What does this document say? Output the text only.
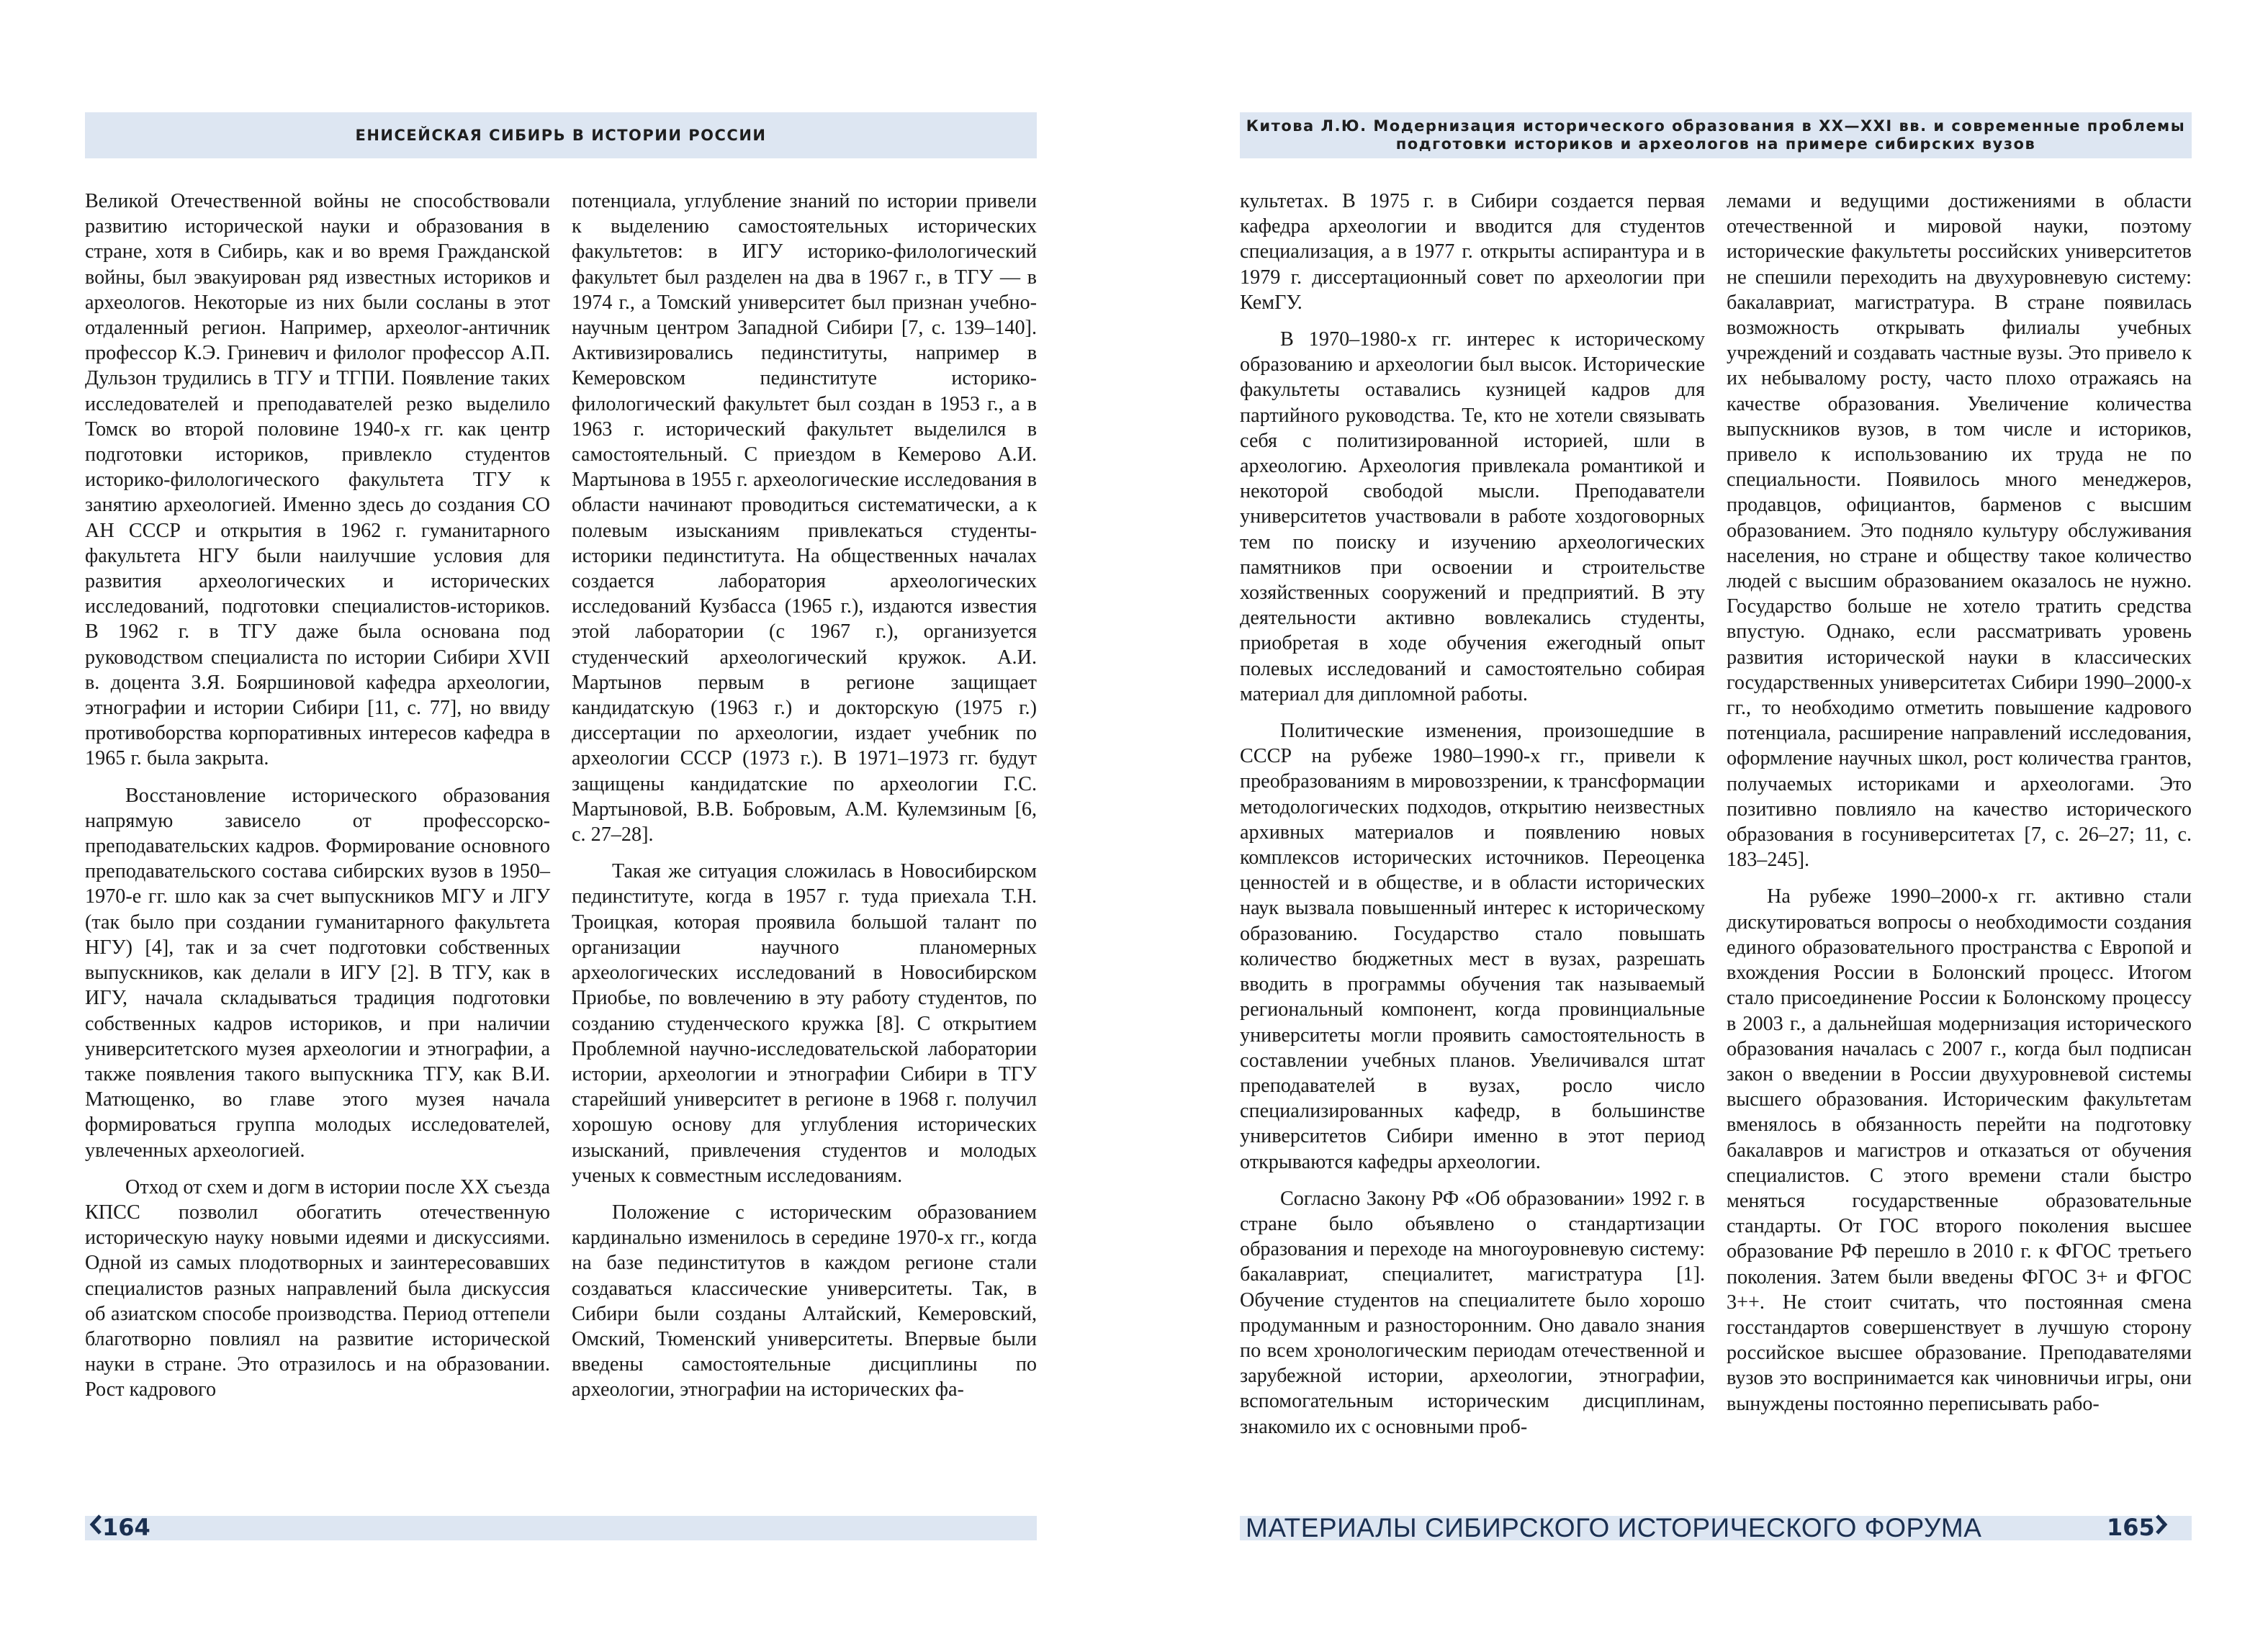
ЕНИСЕЙСКАЯ СИБИРЬ В ИСТОРИИ РОССИИ
Китова Л.Ю. Модернизация исторического образования в XX—XXI вв. и современные проблемы
подготовки историков и археологов на примере сибирских вузов

Великой Отечественной войны не способствовали развитию исторической науки и образования в стране, хотя в Сибирь, как и во время Гражданской войны, был эвакуирован ряд известных историков и археологов. Некоторые из них были сосланы в этот отдаленный регион. Например, археолог-античник профессор К.Э. Гриневич и филолог профессор А.П. Дульзон трудились в ТГУ и ТГПИ. Появление таких исследователей и преподавателей резко выделило Томск во второй половине 1940-х гг. как центр подготовки историков, привлекло студентов историко-филологического факультета ТГУ к занятию археологией. Именно здесь до создания СО АН СССР и открытия в 1962 г. гуманитарного факультета НГУ были наилучшие условия для развития археологических и исторических исследований, подготовки специалистов-историков. В 1962 г. в ТГУ даже была основана под руководством специалиста по истории Сибири XVII в. доцента З.Я. Бояршиновой кафедра археологии, этнографии и истории Сибири [11, с. 77], но ввиду противоборства корпоративных интересов кафедра в 1965 г. была закрыта.

Восстановление исторического образования напрямую зависело от профессорско-преподавательских кадров. Формирование основного преподавательского состава сибирских вузов в 1950–1970-е гг. шло как за счет выпускников МГУ и ЛГУ (так было при создании гуманитарного факультета НГУ) [4], так и за счет подготовки собственных выпускников, как делали в ИГУ [2]. В ТГУ, как в ИГУ, начала складываться традиция подготовки собственных кадров историков, и при наличии университетского музея археологии и этнографии, а также появления такого выпускника ТГУ, как В.И. Матющенко, во главе этого музея начала формироваться группа молодых исследователей, увлеченных археологией.

Отход от схем и догм в истории после XX съезда КПСС позволил обогатить отечественную историческую науку новыми идеями и дискуссиями. Одной из самых плодотворных и заинтересовавших специалистов разных направлений была дискуссия об азиатском способе производства. Период оттепели благотворно повлиял на развитие исторической науки в стране. Это отразилось и на образовании. Рост кадрового

потенциала, углубление знаний по истории привели к выделению самостоятельных исторических факультетов: в ИГУ историко-филологический факультет был разделен на два в 1967 г., в ТГУ — в 1974 г., а Томский университет был признан учебно-научным центром Западной Сибири [7, с. 139–140]. Активизировались пединституты, например в Кемеровском пединституте историко-филологический факультет был создан в 1953 г., а в 1963 г. исторический факультет выделился в самостоятельный. С приездом в Кемерово А.И. Мартынова в 1955 г. археологические исследования в области начинают проводиться систематически, а к полевым изысканиям привлекаться студенты-историки пединститута. На общественных началах создается лаборатория археологических исследований Кузбасса (1965 г.), издаются известия этой лаборатории (с 1967 г.), организуется студенческий археологический кружок. А.И. Мартынов первым в регионе защищает кандидатскую (1963 г.) и докторскую (1975 г.) диссертации по археологии, издает учебник по археологии СССР (1973 г.). В 1971–1973 гг. будут защищены кандидатские по археологии Г.С. Мартыновой, В.В. Бобровым, А.М. Кулемзиным [6, с. 27–28].

Такая же ситуация сложилась в Новосибирском пединституте, когда в 1957 г. туда приехала Т.Н. Троицкая, которая проявила большой талант по организации научного планомерных археологических исследований в Новосибирском Приобье, по вовлечению в эту работу студентов, по созданию студенческого кружка [8]. С открытием Проблемной научно-исследовательской лаборатории истории, археологии и этнографии Сибири в ТГУ старейший университет в регионе в 1968 г. получил хорошую основу для углубления исторических изысканий, привлечения студентов и молодых ученых к совместным исследованиям.

Положение с историческим образованием кардинально изменилось в середине 1970-х гг., когда на базе пединститутов в каждом регионе стали создаваться классические университеты. Так, в Сибири были созданы Алтайский, Кемеровский, Омский, Тюменский университеты. Впервые были введены самостоятельные дисциплины по археологии, этнографии на исторических фа-

культетах. В 1975 г. в Сибири создается первая кафедра археологии и вводится для студентов специализация, а в 1977 г. открыты аспирантура и в 1979 г. диссертационный совет по археологии при КемГУ.

В 1970–1980-х гг. интерес к историческому образованию и археологии был высок. Исторические факультеты оставались кузницей кадров для партийного руководства. Те, кто не хотели связывать себя с политизированной историей, шли в археологию. Археология привлекала романтикой и некоторой свободой мысли. Преподаватели университетов участвовали в работе хоздоговорных тем по поиску и изучению археологических памятников при освоении и строительстве хозяйственных сооружений и предприятий. В эту деятельности активно вовлекались студенты, приобретая в ходе обучения ежегодный опыт полевых исследований и самостоятельно собирая материал для дипломной работы.

Политические изменения, произошедшие в СССР на рубеже 1980–1990-х гг., привели к преобразованиям в мировоззрении, к трансформации методологических подходов, открытию неизвестных архивных материалов и появлению новых комплексов исторических источников. Переоценка ценностей и в обществе, и в области исторических наук вызвала повышенный интерес к историческому образованию. Государство стало повышать количество бюджетных мест в вузах, разрешать вводить в программы обучения так называемый региональный компонент, когда провинциальные университеты могли проявить самостоятельность в составлении учебных планов. Увеличивался штат преподавателей в вузах, росло число специализированных кафедр, в большинстве университетов Сибири именно в этот период открываются кафедры археологии.

Согласно Закону РФ «Об образовании» 1992 г. в стране было объявлено о стандартизации образования и переходе на многоуровневую систему: бакалавриат, специалитет, магистратура [1]. Обучение студентов на специалитете было хорошо продуманным и разносторонним. Оно давало знания по всем хронологическим периодам отечественной и зарубежной истории, археологии, этнографии, вспомогательным историческим дисциплинам, знакомило их с основными проб-

лемами и ведущими достижениями в области отечественной и мировой науки, поэтому исторические факультеты российских университетов не спешили переходить на двухуровневую систему: бакалавриат, магистратура. В стране появилась возможность открывать филиалы учебных учреждений и создавать частные вузы. Это привело к их небывалому росту, часто плохо отражаясь на качестве образования. Увеличение количества выпускников вузов, в том числе и историков, привело к использованию их труда не по специальности. Появилось много менеджеров, продавцов, официантов, барменов с высшим образованием. Это подняло культуру обслуживания населения, но стране и обществу такое количество людей с высшим образованием оказалось не нужно. Государство больше не хотело тратить средства впустую. Однако, если рассматривать уровень развития исторической науки в классических государственных университетах Сибири 1990–2000-х гг., то необходимо отметить повышение кадрового потенциала, расширение направлений исследования, оформление научных школ, рост количества грантов, получаемых историками и археологами. Это позитивно повлияло на качество исторического образования в госуниверситетах [7, с. 26–27; 11, с. 183–245].

На рубеже 1990–2000-х гг. активно стали дискутироваться вопросы о необходимости создания единого образовательного пространства с Европой и вхождения России в Болонский процесс. Итогом стало присоединение России к Болонскому процессу в 2003 г., а дальнейшая модернизация исторического образования началась с 2007 г., когда был подписан закон о введении в России двухуровневой системы высшего образования. Историческим факультетам вменялось в обязанность перейти на подготовку бакалавров и магистров и отказаться от обучения специалистов. С этого времени стали быстро меняться государственные образовательные стандарты. От ГОС второго поколения высшее образование РФ перешло в 2010 г. к ФГОС третьего поколения. Затем были введены ФГОС 3+ и ФГОС 3++. Не стоит считать, что постоянная смена госстандартов совершенствует в лучшую сторону российское высшее образование. Преподавателями вузов это воспринимается как чиновничьи игры, они вынуждены постоянно переписывать рабо-

164	МАТЕРИАЛЫ СИБИРСКОГО ИСТОРИЧЕСКОГО ФОРУМА	165
